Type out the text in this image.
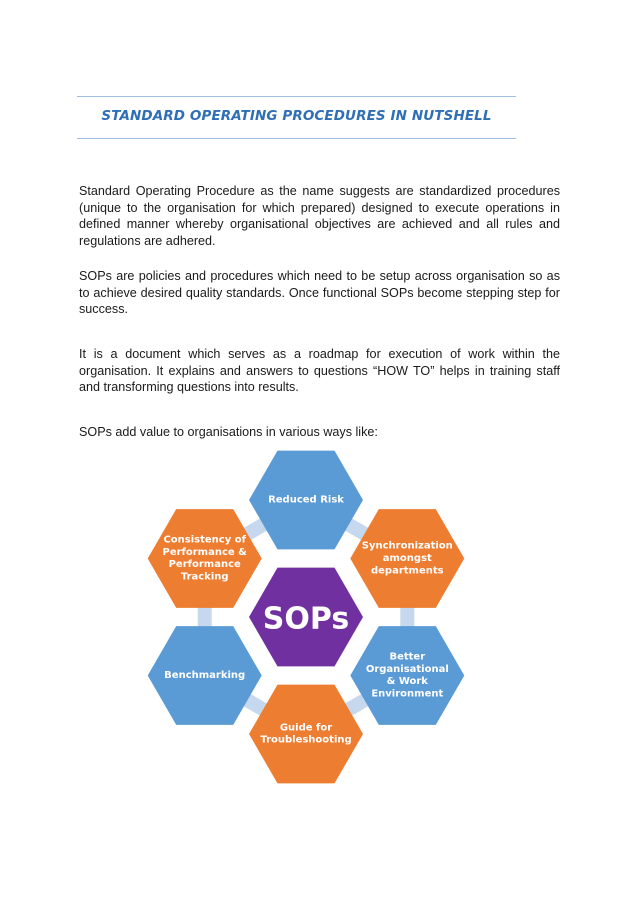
STANDARD OPERATING PROCEDURES IN NUTSHELL

Standard Operating Procedure as the name suggests are standardized procedures (unique to the organisation for which prepared) designed to execute operations in defined manner whereby organisational objectives are achieved and all rules and regulations are adhered.

SOPs are policies and procedures which need to be setup across organisation so as to achieve desired quality standards. Once functional SOPs become stepping step for success.

It is a document which serves as a roadmap for execution of work within the organisation. It explains and answers to questions “HOW TO” helps in training staff and transforming questions into results.

SOPs add value to organisations in various ways like:

Reduced Risk
Synchronization
amongst
departments
Better
Organisational
& Work
Environment
Guide for
Troubleshooting
Benchmarking
Consistency of
Performance &
Performance
Tracking
SOPs
